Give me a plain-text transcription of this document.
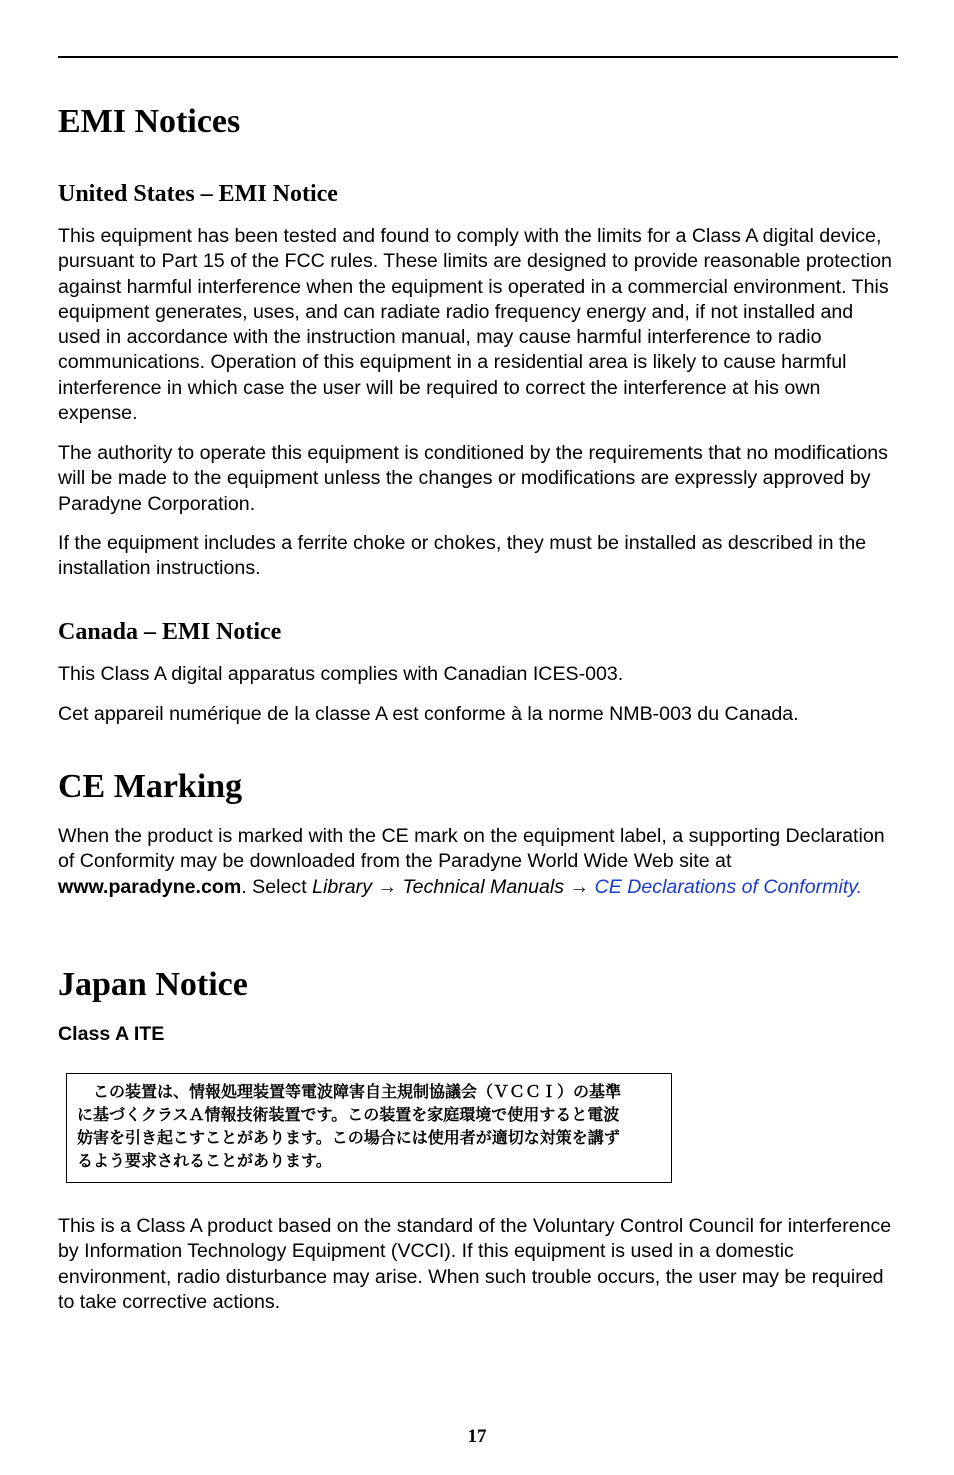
EMI Notices
United States – EMI Notice

This equipment has been tested and found to comply with the limits for a Class A digital device, pursuant to Part 15 of the FCC rules. These limits are designed to provide reasonable protection against harmful interference when the equipment is operated in a commercial environment. This equipment generates, uses, and can radiate radio frequency energy and, if not installed and used in accordance with the instruction manual, may cause harmful interference to radio communications. Operation of this equipment in a residential area is likely to cause harmful interference in which case the user will be required to correct the interference at his own expense.

The authority to operate this equipment is conditioned by the requirements that no modifications will be made to the equipment unless the changes or modifications are expressly approved by Paradyne Corporation.

If the equipment includes a ferrite choke or chokes, they must be installed as described in the installation instructions.

Canada – EMI Notice

This Class A digital apparatus complies with Canadian ICES-003.

Cet appareil numérique de la classe A est conforme à la norme NMB-003 du Canada.

CE Marking

When the product is marked with the CE mark on the equipment label, a supporting Declaration of Conformity may be downloaded from the Paradyne World Wide Web site at www.paradyne.com. Select Library → Technical Manuals → CE Declarations of Conformity.

Japan Notice
Class A ITE
　この装置は、情報処理装置等電波障害自主規制協議会（ＶＣＣＩ）の基準
に基づくクラスＡ情報技術装置です。この装置を家庭環境で使用すると電波
妨害を引き起こすことがあります。この場合には使用者が適切な対策を講ず
るよう要求されることがあります。

This is a Class A product based on the standard of the Voluntary Control Council for interference by Information Technology Equipment (VCCI). If this equipment is used in a domestic environment, radio disturbance may arise. When such trouble occurs, the user may be required to take corrective actions.

17
